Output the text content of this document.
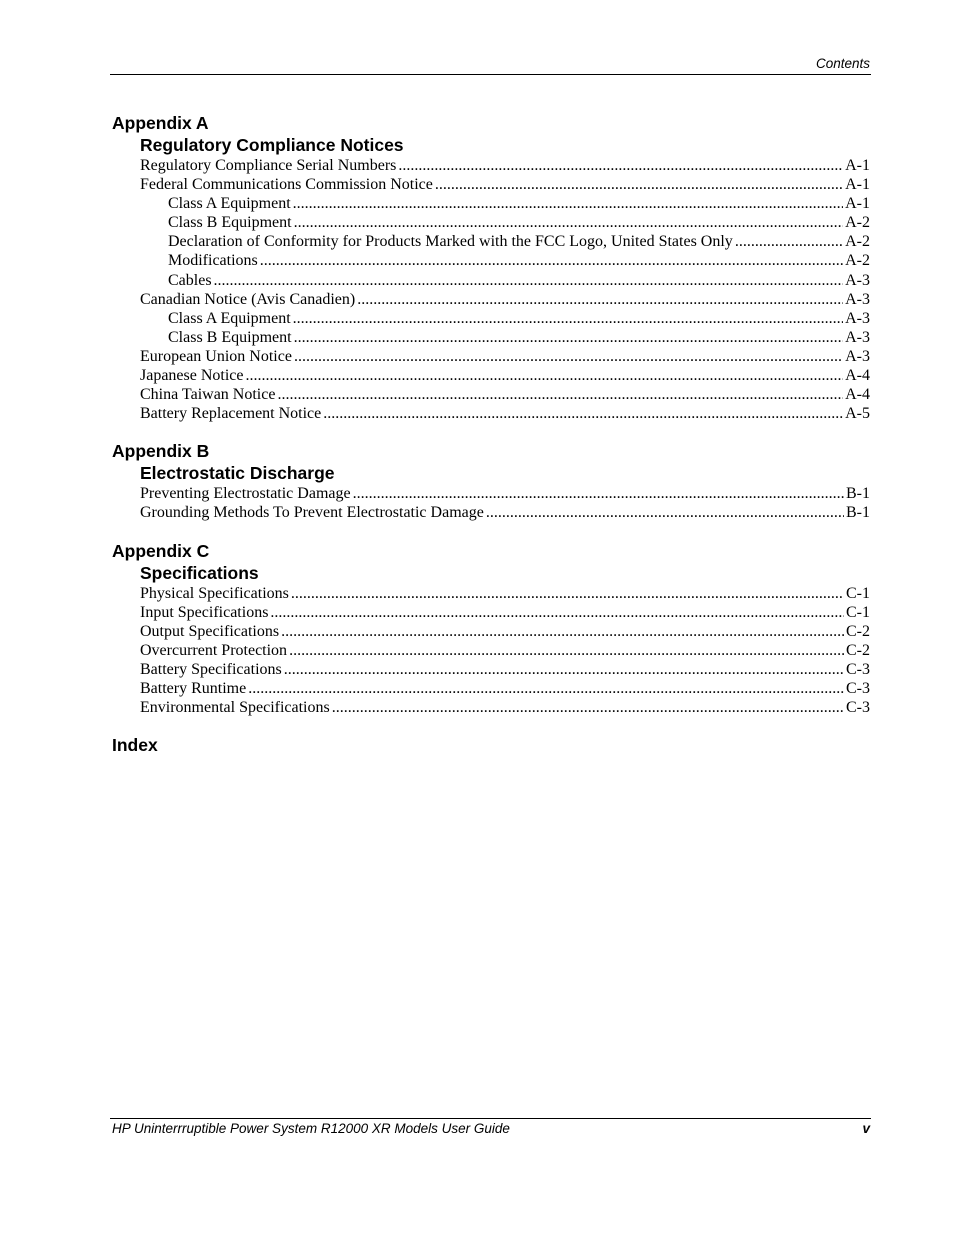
Contents
Appendix A
Regulatory Compliance Notices
Regulatory Compliance Serial Numbers .....	A-1
Federal Communications Commission Notice .....	A-1
Class A Equipment .....	A-1
Class B Equipment .....	A-2
Declaration of Conformity for Products Marked with the FCC Logo, United States Only .....	A-2
Modifications .....	A-2
Cables .....	A-3
Canadian Notice (Avis Canadien) .....	A-3
Class A Equipment .....	A-3
Class B Equipment .....	A-3
European Union Notice .....	A-3
Japanese Notice .....	A-4
China Taiwan Notice .....	A-4
Battery Replacement Notice .....	A-5
Appendix B
Electrostatic Discharge
Preventing Electrostatic Damage .....	B-1
Grounding Methods To Prevent Electrostatic Damage .....	B-1
Appendix C
Specifications
Physical Specifications .....	C-1
Input Specifications .....	C-1
Output Specifications .....	C-2
Overcurrent Protection .....	C-2
Battery Specifications .....	C-3
Battery Runtime .....	C-3
Environmental Specifications .....	C-3
Index
HP Uninterrruptible Power System R12000 XR Models User Guide	v
